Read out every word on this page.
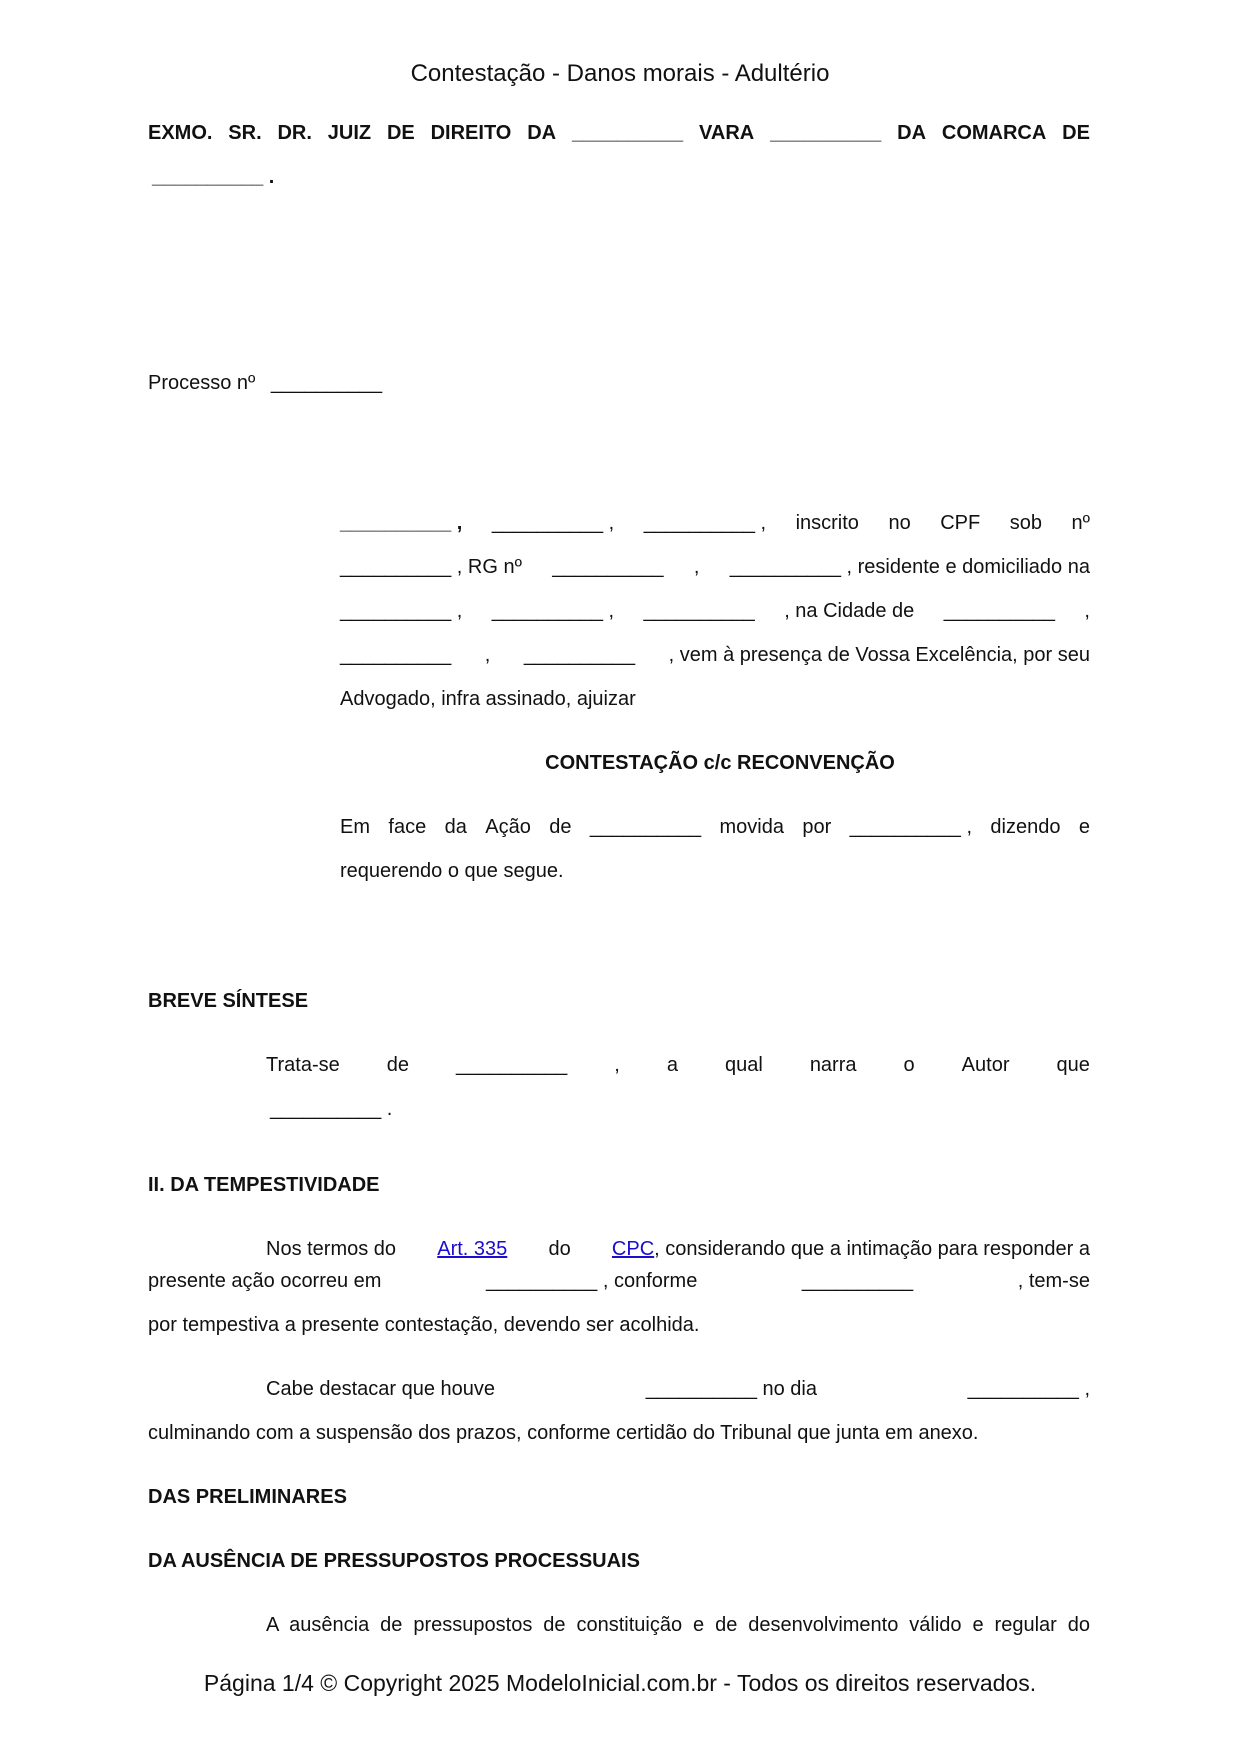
Contestação - Danos morais - Adultério
EXMO. SR. DR. JUIZ DE DIREITO DA __________ VARA __________ DA COMARCA DE
__________ .
Processo nº __________
__________ , __________ , __________ , inscrito no CPF sob nº
__________ , RG nº __________ , __________ , residente e domiciliado na
__________ , __________ , __________ , na Cidade de __________ ,
__________ , __________ , vem à presença de Vossa Excelência, por seu
Advogado, infra assinado, ajuizar
CONTESTAÇÃO c/c RECONVENÇÃO
Em face da Ação de __________ movida por __________ , dizendo e
requerendo o que segue.
BREVE SÍNTESE
Trata-se de __________ , a qual narra o Autor que
__________ .
II. DA TEMPESTIVIDADE
Nos termos do Art. 335 do CPC, considerando que a intimação para responder a
presente ação ocorreu em	__________ , conforme	__________	, tem-se
por tempestiva a presente contestação, devendo ser acolhida.
Cabe destacar que houve	__________ no dia	__________ ,
culminando com a suspensão dos prazos, conforme certidão do Tribunal que junta em anexo.
DAS PRELIMINARES
DA AUSÊNCIA DE PRESSUPOSTOS PROCESSUAIS
A ausência de pressupostos de constituição e de desenvolvimento válido e regular do
Página 1/4 © Copyright 2025 ModeloInicial.com.br - Todos os direitos reservados.
